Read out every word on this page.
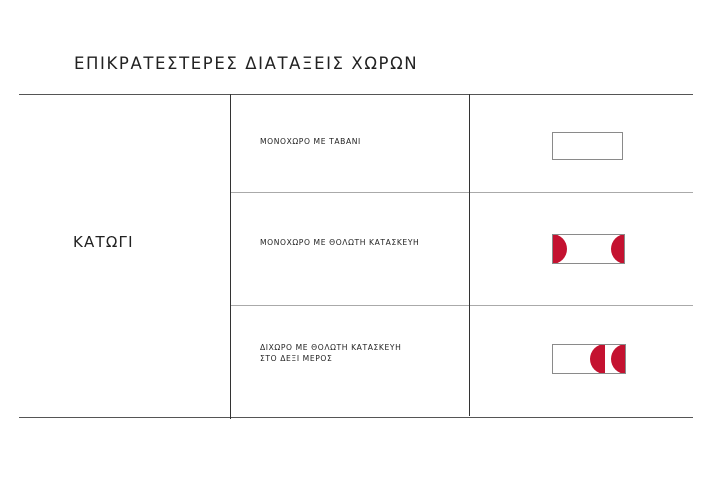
ΕΠΙΚΡΑΤΕΣΤΕΡΕΣ ΔΙΑΤΑΞΕΙΣ ΧΩΡΩΝ
ΚΑΤΩΓΙ
ΜΟΝΟΧΩΡΟ ΜΕ ΤΑΒΑΝΙ
ΜΟΝΟΧΩΡΟ ΜΕ ΘΟΛΩΤΗ ΚΑΤΑΣΚΕΥΗ
ΔΙΧΩΡΟ ΜΕ ΘΟΛΩΤΗ ΚΑΤΑΣΚΕΥΗ
ΣΤΟ ΔΕΞΙ ΜΕΡΟΣ
